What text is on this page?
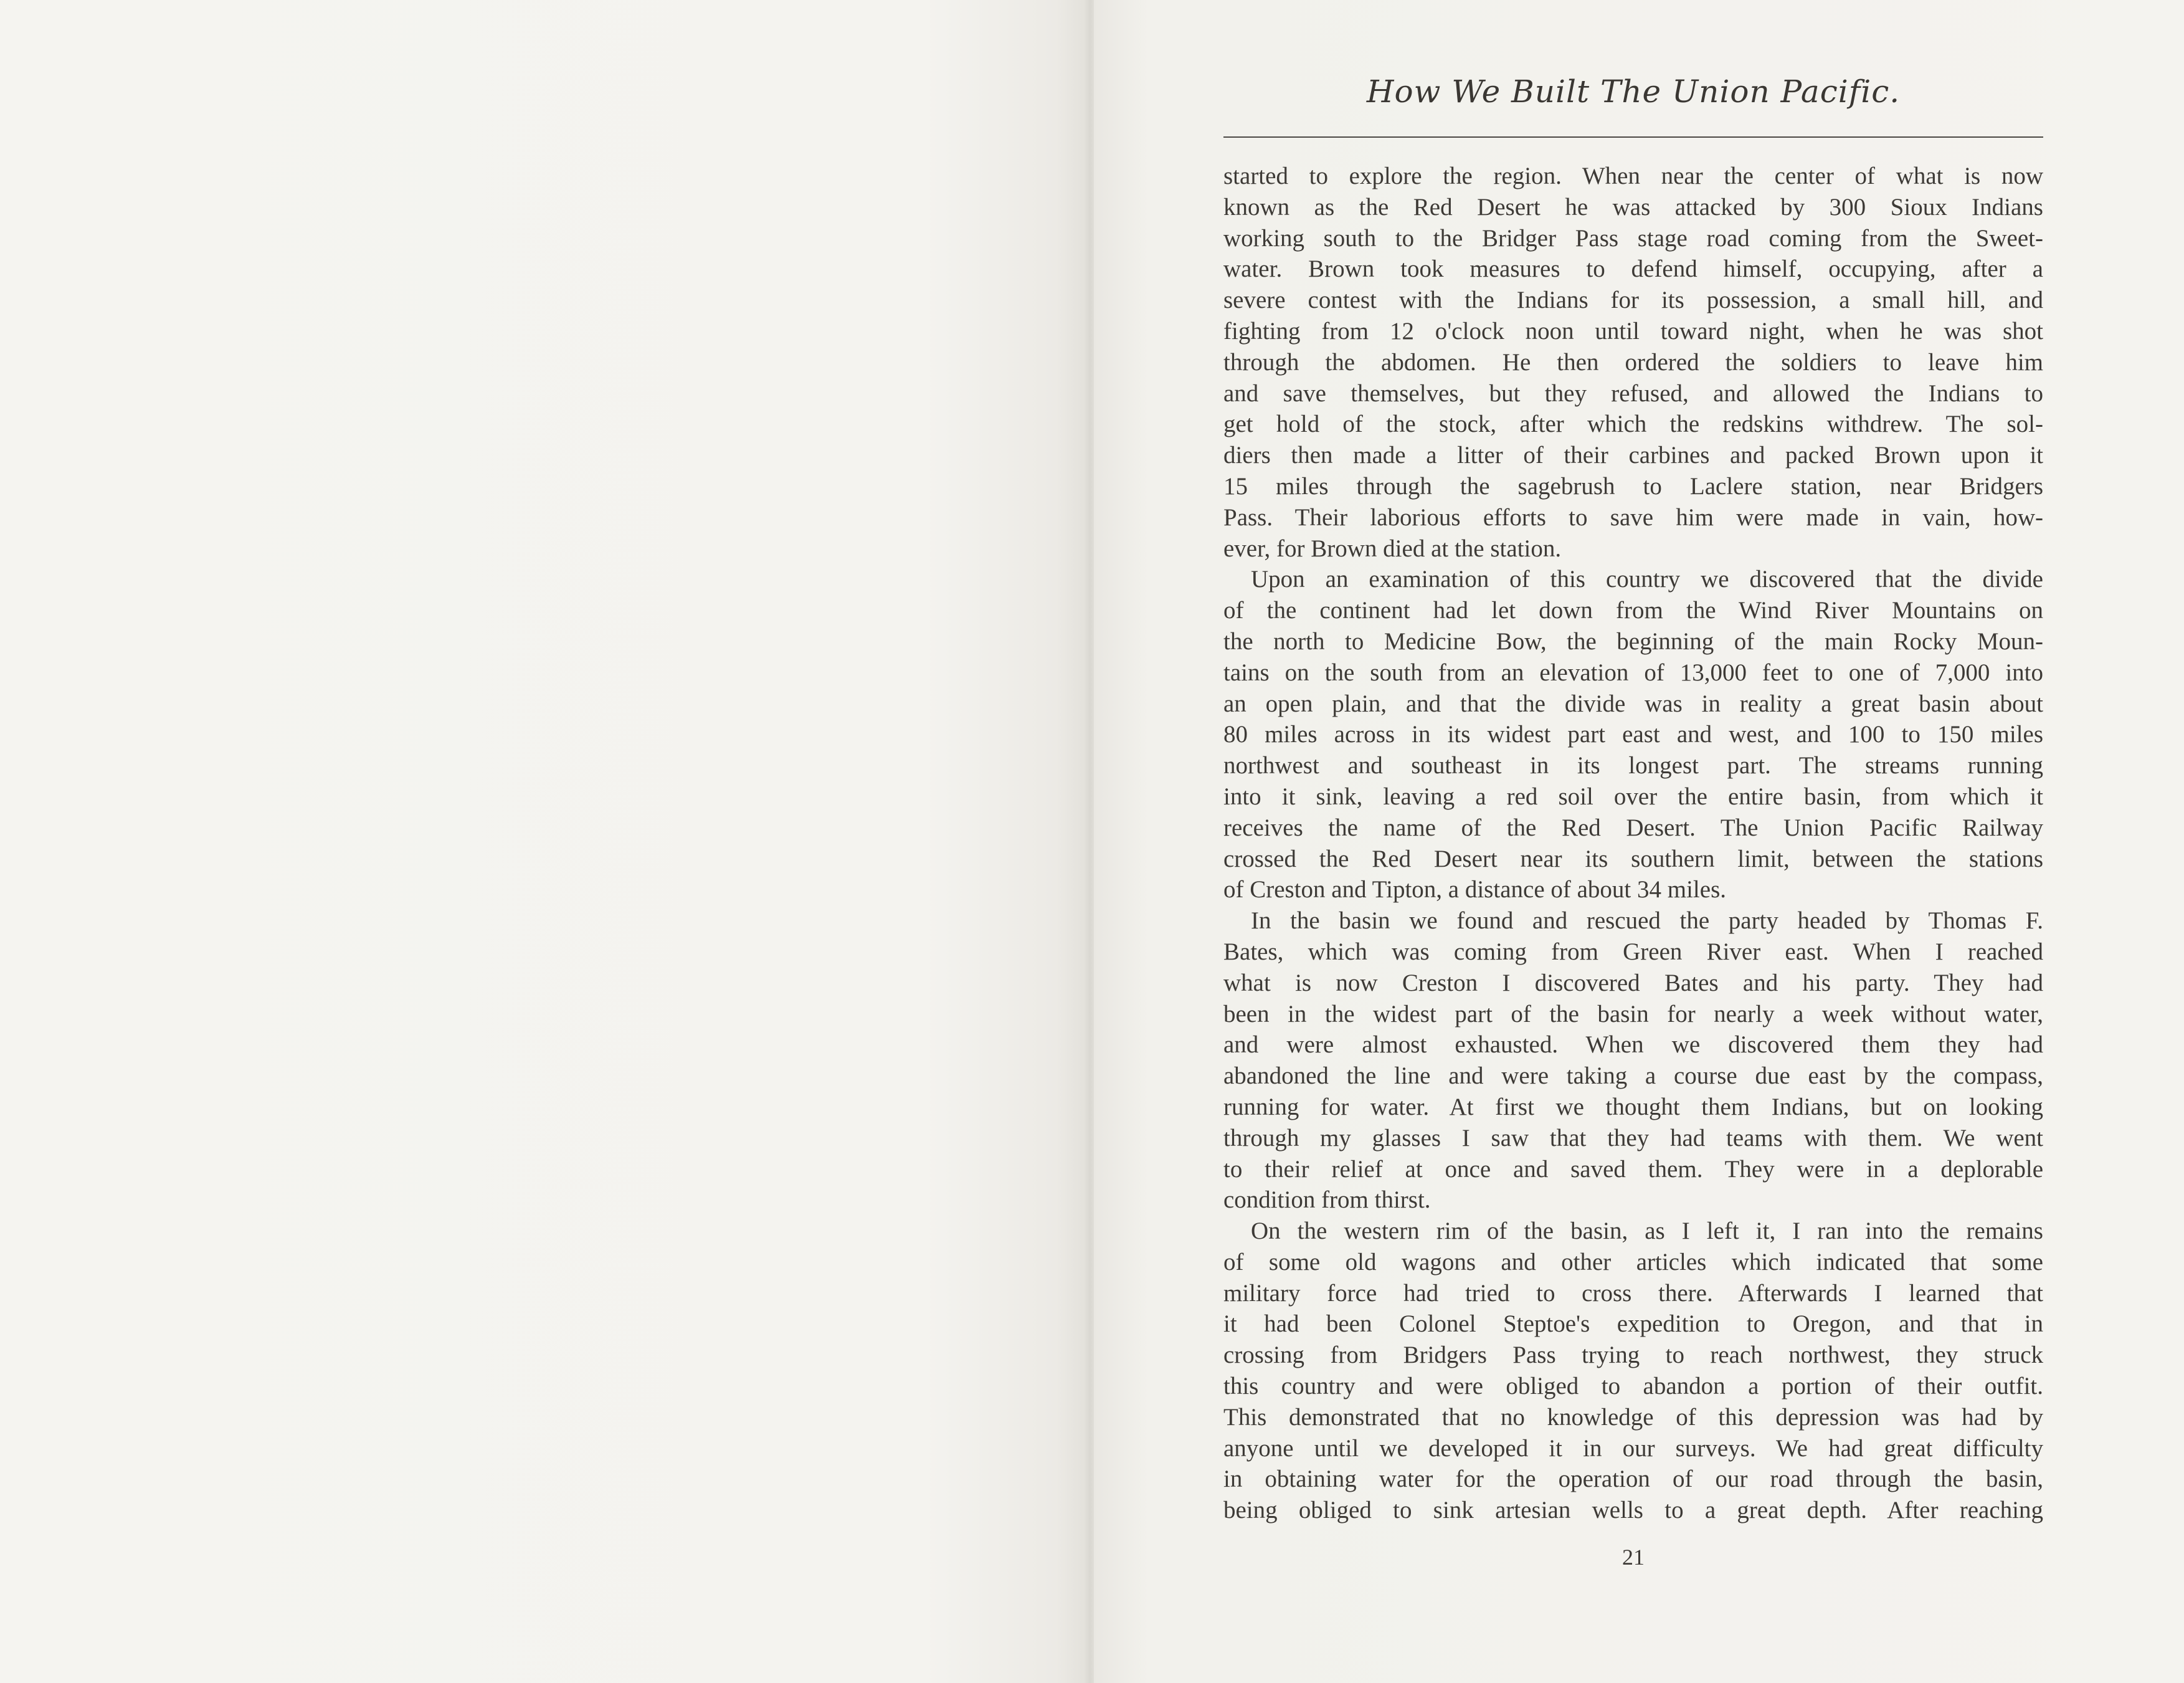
How We Built The Union Pacific.
started to explore the region. When near the center of what is now
known as the Red Desert he was attacked by 300 Sioux Indians
working south to the Bridger Pass stage road coming from the Sweet-
water. Brown took measures to defend himself, occupying, after a
severe contest with the Indians for its possession, a small hill, and
fighting from 12 o'clock noon until toward night, when he was shot
through the abdomen. He then ordered the soldiers to leave him
and save themselves, but they refused, and allowed the Indians to
get hold of the stock, after which the redskins withdrew. The sol-
diers then made a litter of their carbines and packed Brown upon it
15 miles through the sagebrush to Laclere station, near Bridgers
Pass. Their laborious efforts to save him were made in vain, how-
ever, for Brown died at the station.
Upon an examination of this country we discovered that the divide
of the continent had let down from the Wind River Mountains on
the north to Medicine Bow, the beginning of the main Rocky Moun-
tains on the south from an elevation of 13,000 feet to one of 7,000 into
an open plain, and that the divide was in reality a great basin about
80 miles across in its widest part east and west, and 100 to 150 miles
northwest and southeast in its longest part. The streams running
into it sink, leaving a red soil over the entire basin, from which it
receives the name of the Red Desert. The Union Pacific Railway
crossed the Red Desert near its southern limit, between the stations
of Creston and Tipton, a distance of about 34 miles.
In the basin we found and rescued the party headed by Thomas F.
Bates, which was coming from Green River east. When I reached
what is now Creston I discovered Bates and his party. They had
been in the widest part of the basin for nearly a week without water,
and were almost exhausted. When we discovered them they had
abandoned the line and were taking a course due east by the compass,
running for water. At first we thought them Indians, but on looking
through my glasses I saw that they had teams with them. We went
to their relief at once and saved them. They were in a deplorable
condition from thirst.
On the western rim of the basin, as I left it, I ran into the remains
of some old wagons and other articles which indicated that some
military force had tried to cross there. Afterwards I learned that
it had been Colonel Steptoe's expedition to Oregon, and that in
crossing from Bridgers Pass trying to reach northwest, they struck
this country and were obliged to abandon a portion of their outfit.
This demonstrated that no knowledge of this depression was had by
anyone until we developed it in our surveys. We had great difficulty
in obtaining water for the operation of our road through the basin,
being obliged to sink artesian wells to a great depth. After reaching
21
